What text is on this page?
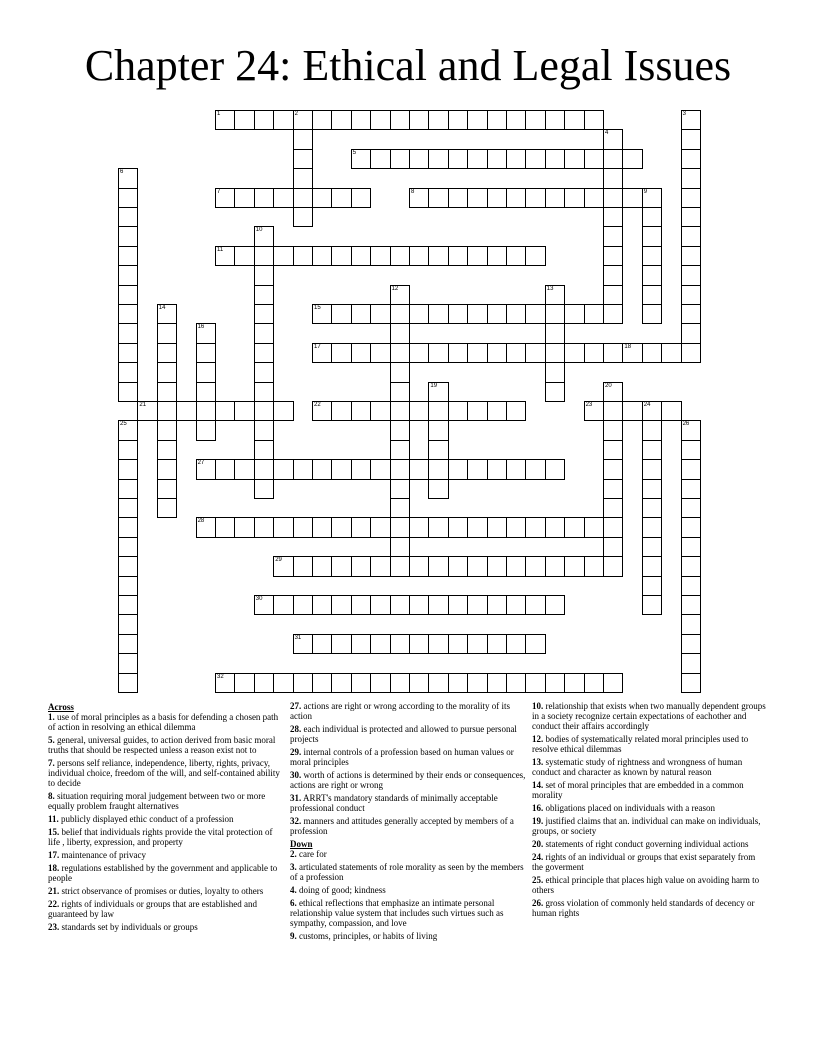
Chapter 24: Ethical and Legal Issues
1	2
5
7	8	9
11
15
17	18
21	22	23	24
27
28
29
30
31
32
3
4
6
10
12	13
14
16
19	20
25	26
Across
1. use of moral principles as a basis for defending a chosen path of action in resolving an ethical dilemma
5. general, universal guides, to action derived from basic moral truths that should be respected unless a reason exist not to
7. persons self reliance, independence, liberty, rights, privacy, individual choice, freedom of the will, and self-contained ability to decide
8. situation requiring moral judgement between two or more equally problem fraught alternatives
11. publicly displayed ethic conduct of a profession
15. belief that individuals rights provide the vital protection of life , liberty, expression, and property
17. maintenance of privacy
18. regulations established by the government and applicable to people
21. strict observance of promises or duties, loyalty to others
22. rights of individuals or groups that are established and guaranteed by law
23. standards set by individuals or groups
27. actions are right or wrong according to the morality of its action
28. each individual is protected and allowed to pursue personal projects
29. internal controls of a profession based on human values or moral principles
30. worth of actions is determined by their ends or consequences, actions are right or wrong
31. ARRT's mandatory standards of minimally acceptable professional conduct
32. manners and attitudes generally accepted by members of a profession
Down
2. care for
3. articulated statements of role morality as seen by the members of a profession
4. doing of good; kindness
6. ethical reflections that emphasize an intimate personal relationship value system that includes such virtues such as sympathy, compassion, and love
9. customs, principles, or habits of living
10. relationship that exists when two manually dependent groups in a society recognize certain expectations of eachother and conduct their affairs accordingly
12. bodies of systematically related moral principles used to resolve ethical dilemmas
13. systematic study of rightness and wrongness of human conduct and character as known by natural reason
14. set of moral principles that are embedded in a common morality
16. obligations placed on individuals with a reason
19. justified claims that an. individual can make on individuals, groups, or society
20. statements of right conduct governing individual actions
24. rights of an individual or groups that exist separately from the goverment
25. ethical principle that places high value on avoiding harm to others
26. gross violation of commonly held standards of decency or human rights
